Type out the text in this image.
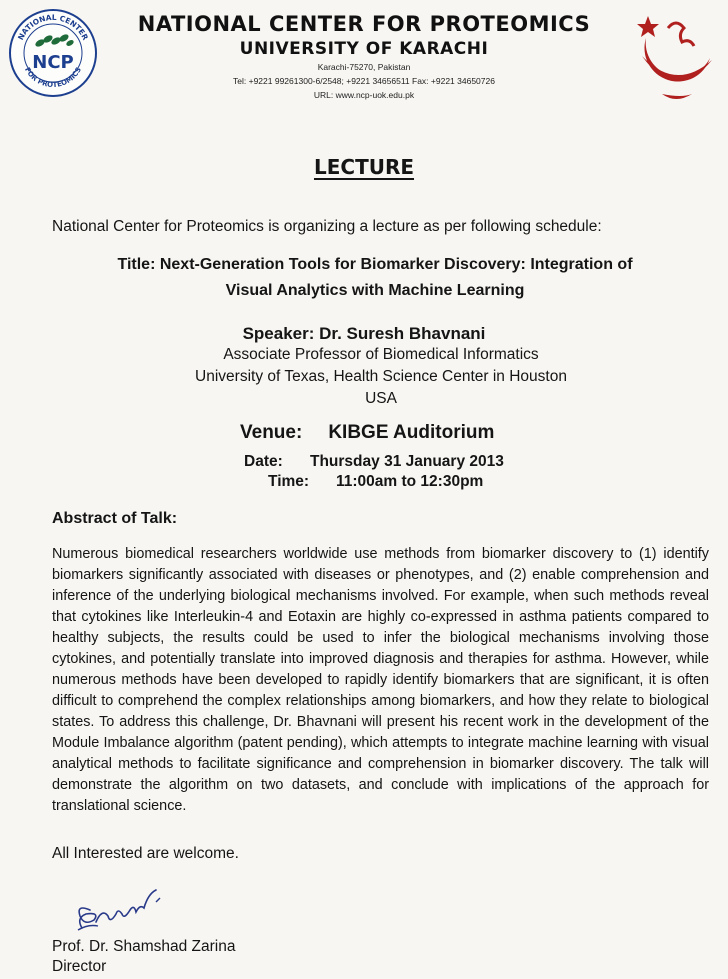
NATIONAL CENTER
FOR PROTEOMICS
NCP
NATIONAL CENTER FOR PROTEOMICS
UNIVERSITY OF KARACHI
Karachi-75270, Pakistan
Tel: +9221 99261300-6/2548; +9221 34656511 Fax: +9221 34650726
URL: www.ncp-uok.edu.pk
LECTURE
National Center for Proteomics is organizing a lecture as per following schedule:
Title: Next-Generation Tools for Biomarker Discovery: Integration of
Visual Analytics with Machine Learning
Speaker: Dr. Suresh Bhavnani
Associate Professor of Biomedical Informatics
University of Texas, Health Science Center in Houston
USA
Venue: KIBGE Auditorium
Date: Thursday 31 January 2013
Time: 11:00am to 12:30pm
Abstract of Talk:
Numerous biomedical researchers worldwide use methods from biomarker discovery to (1) identify biomarkers significantly associated with diseases or phenotypes, and (2) enable comprehension and inference of the underlying biological mechanisms involved. For example, when such methods reveal that cytokines like Interleukin-4 and Eotaxin are highly co-expressed in asthma patients compared to healthy subjects, the results could be used to infer the biological mechanisms involving those cytokines, and potentially translate into improved diagnosis and therapies for asthma. However, while numerous methods have been developed to rapidly identify biomarkers that are significant, it is often difficult to comprehend the complex relationships among biomarkers, and how they relate to biological states. To address this challenge, Dr. Bhavnani will present his recent work in the development of the Module Imbalance algorithm (patent pending), which attempts to integrate machine learning with visual analytical methods to facilitate significance and comprehension in biomarker discovery. The talk will demonstrate the algorithm on two datasets, and conclude with implications of the approach for translational science.
All Interested are welcome.
Prof. Dr. Shamshad Zarina
Director
